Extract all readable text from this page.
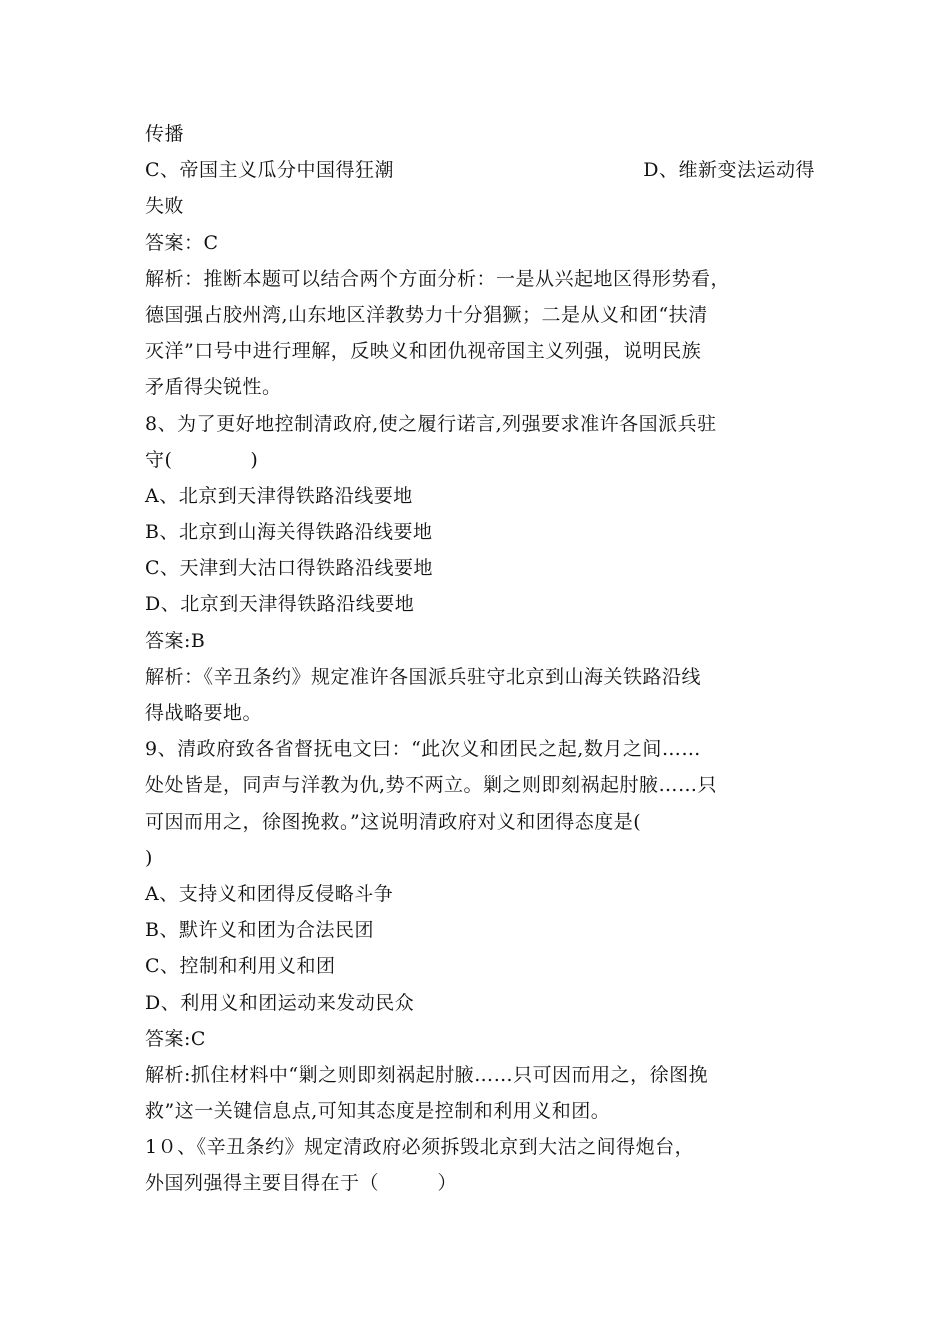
传播
C、帝国主义瓜分中国得狂潮	D、维新变法运动得
失败
答案：C
解析：推断本题可以结合两个方面分析：一是从兴起地区得形势看，
德国强占胶州湾,山东地区洋教势力十分猖獗；二是从义和团“扶清
灭洋”口号中进行理解，反映义和团仇视帝国主义列强，说明民族
矛盾得尖锐性。
8、为了更好地控制清政府,使之履行诺言,列强要求准许各国派兵驻
守(　　　　)
A、北京到天津得铁路沿线要地
B、北京到山海关得铁路沿线要地
C、天津到大沽口得铁路沿线要地
D、北京到天津得铁路沿线要地
答案:B
解析：《辛丑条约》规定准许各国派兵驻守北京到山海关铁路沿线
得战略要地。
9、清政府致各省督抚电文曰：“此次义和团民之起,数月之间……
处处皆是，同声与洋教为仇,势不两立。剿之则即刻祸起肘腋……只
可因而用之，徐图挽救。”这说明清政府对义和团得态度是(
)
A、支持义和团得反侵略斗争
B、默许义和团为合法民团
C、控制和利用义和团
D、利用义和团运动来发动民众
答案:C
解析:抓住材料中“剿之则即刻祸起肘腋……只可因而用之，徐图挽
救”这一关键信息点,可知其态度是控制和利用义和团。
1０、《辛丑条约》规定清政府必须拆毁北京到大沽之间得炮台，
外国列强得主要目得在于（　　　）
